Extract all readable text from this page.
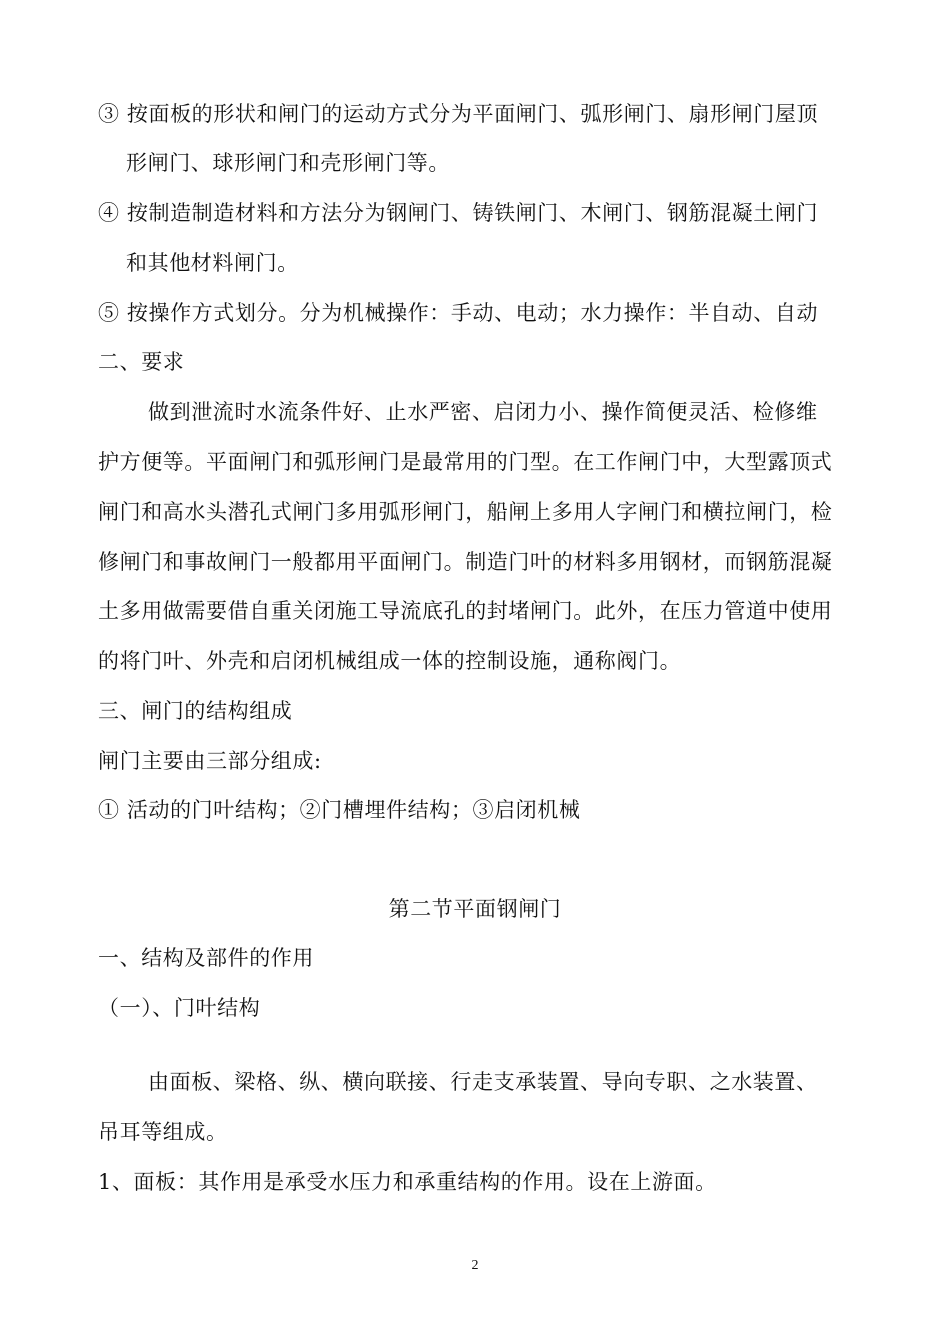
③ 按面板的形状和闸门的运动方式分为平面闸门、弧形闸门、扇形闸门屋顶
形闸门、球形闸门和壳形闸门等。
④ 按制造制造材料和方法分为钢闸门、铸铁闸门、木闸门、钢筋混凝土闸门
和其他材料闸门。
⑤ 按操作方式划分。分为机械操作：手动、电动；水力操作：半自动、自动
二、要求
做到泄流时水流条件好、止水严密、启闭力小、操作简便灵活、检修维
护方便等。平面闸门和弧形闸门是最常用的门型。在工作闸门中，大型露顶式
闸门和高水头潜孔式闸门多用弧形闸门，船闸上多用人字闸门和横拉闸门，检
修闸门和事故闸门一般都用平面闸门。制造门叶的材料多用钢材，而钢筋混凝
土多用做需要借自重关闭施工导流底孔的封堵闸门。此外，在压力管道中使用
的将门叶、外壳和启闭机械组成一体的控制设施，通称阀门。
三、闸门的结构组成
闸门主要由三部分组成:
① 活动的门叶结构；②门槽埋件结构；③启闭机械
第二节平面钢闸门
一、结构及部件的作用
（一）、门叶结构
由面板、梁格、纵、横向联接、行走支承装置、导向专职、之水装置、
吊耳等组成。
1、面板：其作用是承受水压力和承重结构的作用。设在上游面。
2
